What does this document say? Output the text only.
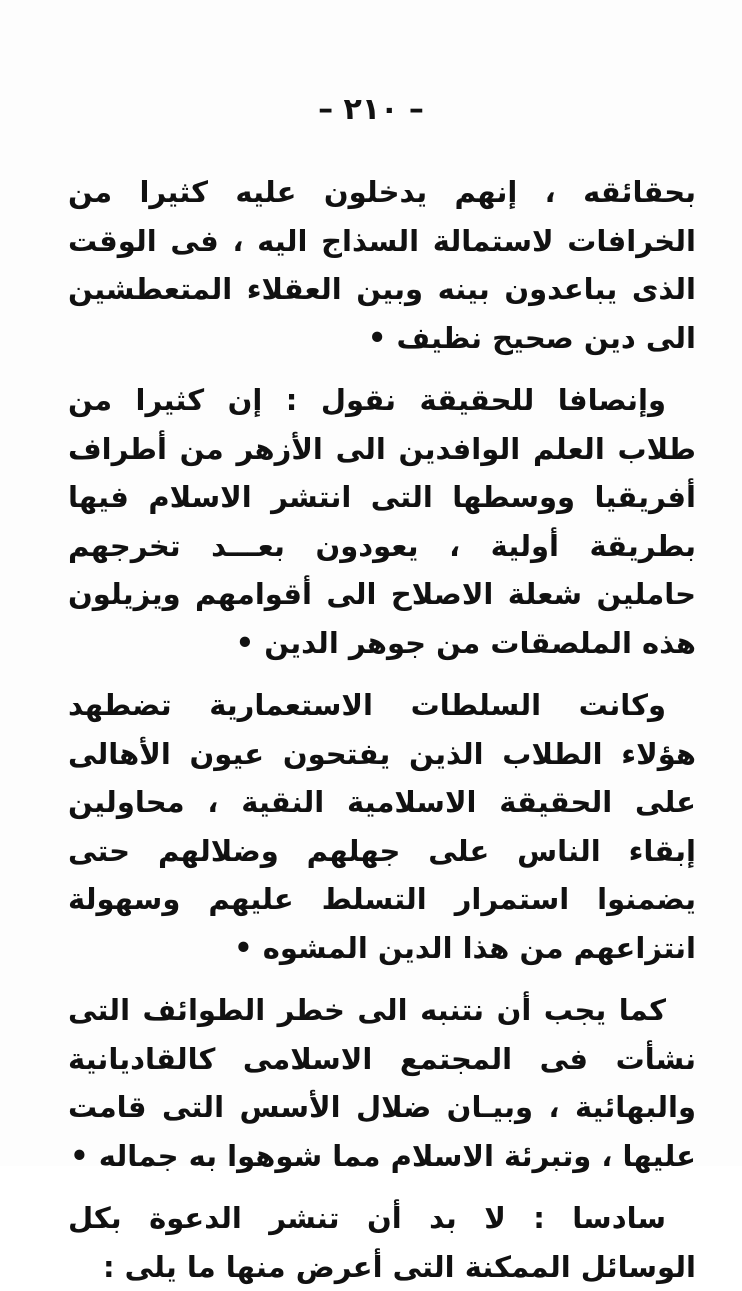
– ٢١٠ –

بحقائقه ، إنهم يدخلون عليه كثيرا من الخرافات لاستمالة السذاج اليه ، فى الوقت الذى يباعدون بينه وبين العقلاء المتعطشين الى دين صحيح نظيف •

وإنصافا للحقيقة نقول : إن كثيرا من طلاب العلم الوافدين الى الأزهر من أطراف أفريقيا ووسطها التى انتشر الاسلام فيها بطريقة أولية ، يعودون بعـــد تخرجهم حاملين شعلة الاصلاح الى أقوامهم ويزيلون هذه الملصقات من جوهر الدين •

وكانت السلطات الاستعمارية تضطهد هؤلاء الطلاب الذين يفتحون عيون الأهالى على الحقيقة الاسلامية النقية ، محاولين إبقاء الناس على جهلهم وضلالهم حتى يضمنوا استمرار التسلط عليهم وسهولة انتزاعهم من هذا الدين المشوه •

كما يجب أن نتنبه الى خطر الطوائف التى نشأت فى المجتمع الاسلامى كالقاديانية والبهائية ، وبيـان ضلال الأسس التى قامت عليها ، وتبرئة الاسلام مما شوهوا به جماله •

سادسا : لا بد أن تنشر الدعوة بكل الوسائل الممكنة التى أعرض منها ما يلى :
